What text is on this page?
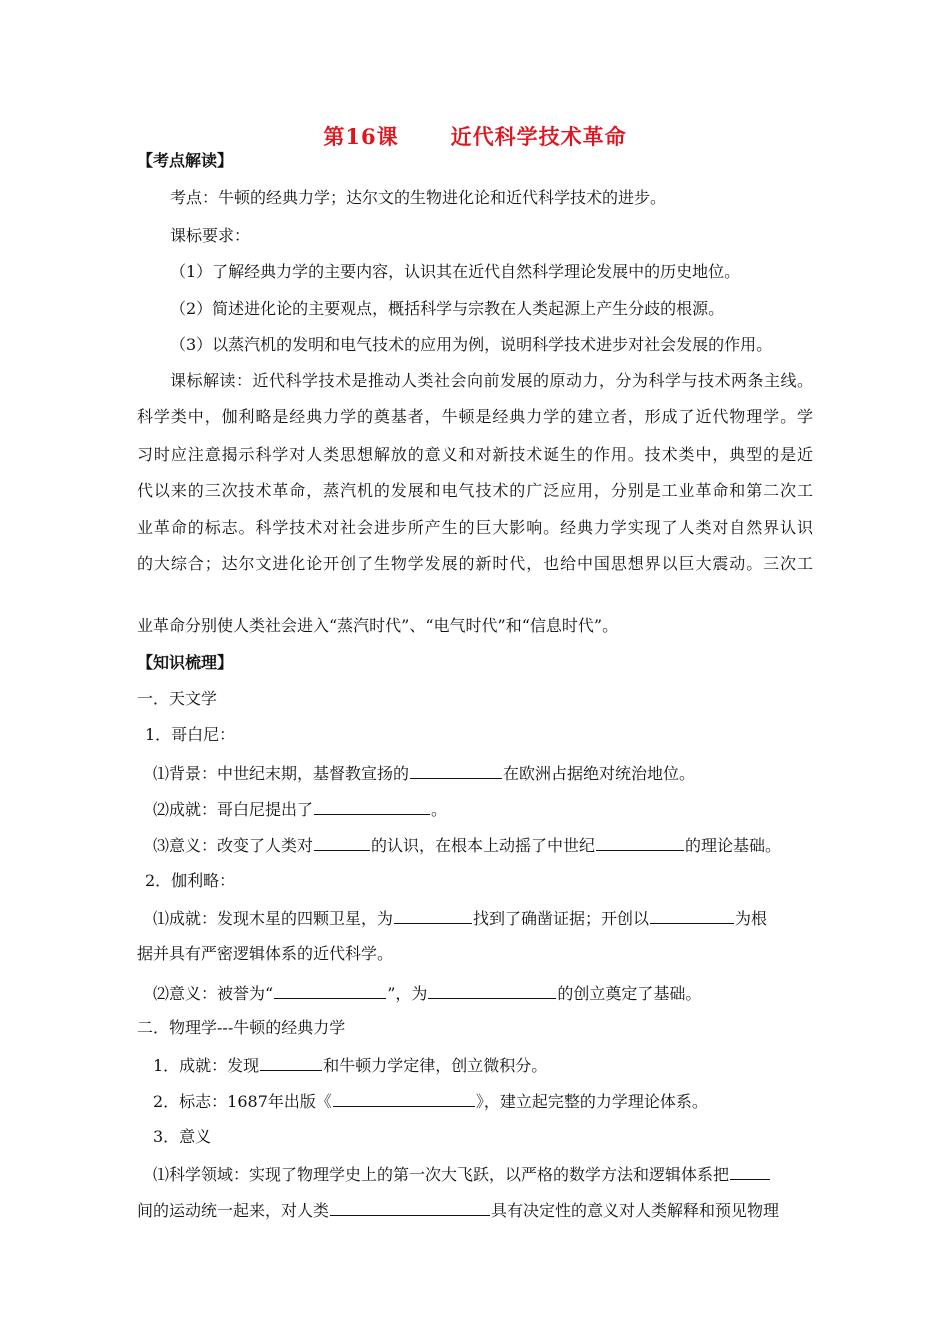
第16课 近代科学技术革命
【考点解读】
考点：牛顿的经典力学；达尔文的生物进化论和近代科学技术的进步。
课标要求：
（1）了解经典力学的主要内容，认识其在近代自然科学理论发展中的历史地位。
（2）简述进化论的主要观点，概括科学与宗教在人类起源上产生分歧的根源。
（3）以蒸汽机的发明和电气技术的应用为例，说明科学技术进步对社会发展的作用。
课标解读：近代科学技术是推动人类社会向前发展的原动力，分为科学与技术两条主线。
科学类中，伽利略是经典力学的奠基者，牛顿是经典力学的建立者，形成了近代物理学。学
习时应注意揭示科学对人类思想解放的意义和对新技术诞生的作用。技术类中，典型的是近
代以来的三次技术革命，蒸汽机的发展和电气技术的广泛应用，分别是工业革命和第二次工
业革命的标志。科学技术对社会进步所产生的巨大影响。经典力学实现了人类对自然界认识
的大综合；达尔文进化论开创了生物学发展的新时代，也给中国思想界以巨大震动。三次工
业革命分别使人类社会进入“蒸汽时代”、“电气时代”和“信息时代”。
【知识梳理】
一．天文学
1．哥白尼：
⑴背景：中世纪末期，基督教宣扬的	在欧洲占据绝对统治地位。
⑵成就：哥白尼提出了	。
⑶意义：改变了人类对	的认识，在根本上动摇了中世纪	的理论基础。
2．伽利略：
⑴成就：发现木星的四颗卫星，为	找到了确凿证据；开创以	为根
据并具有严密逻辑体系的近代科学。
⑵意义：被誉为“	”，为	的创立奠定了基础。
二．物理学---牛顿的经典力学
1．成就：发现	和牛顿力学定律，创立微积分。
2．标志：1687年出版《	》，建立起完整的力学理论体系。
3．意义
⑴科学领域：实现了物理学史上的第一次大飞跃，以严格的数学方法和逻辑体系把
间的运动统一起来，对人类	具有决定性的意义对人类解释和预见物理
